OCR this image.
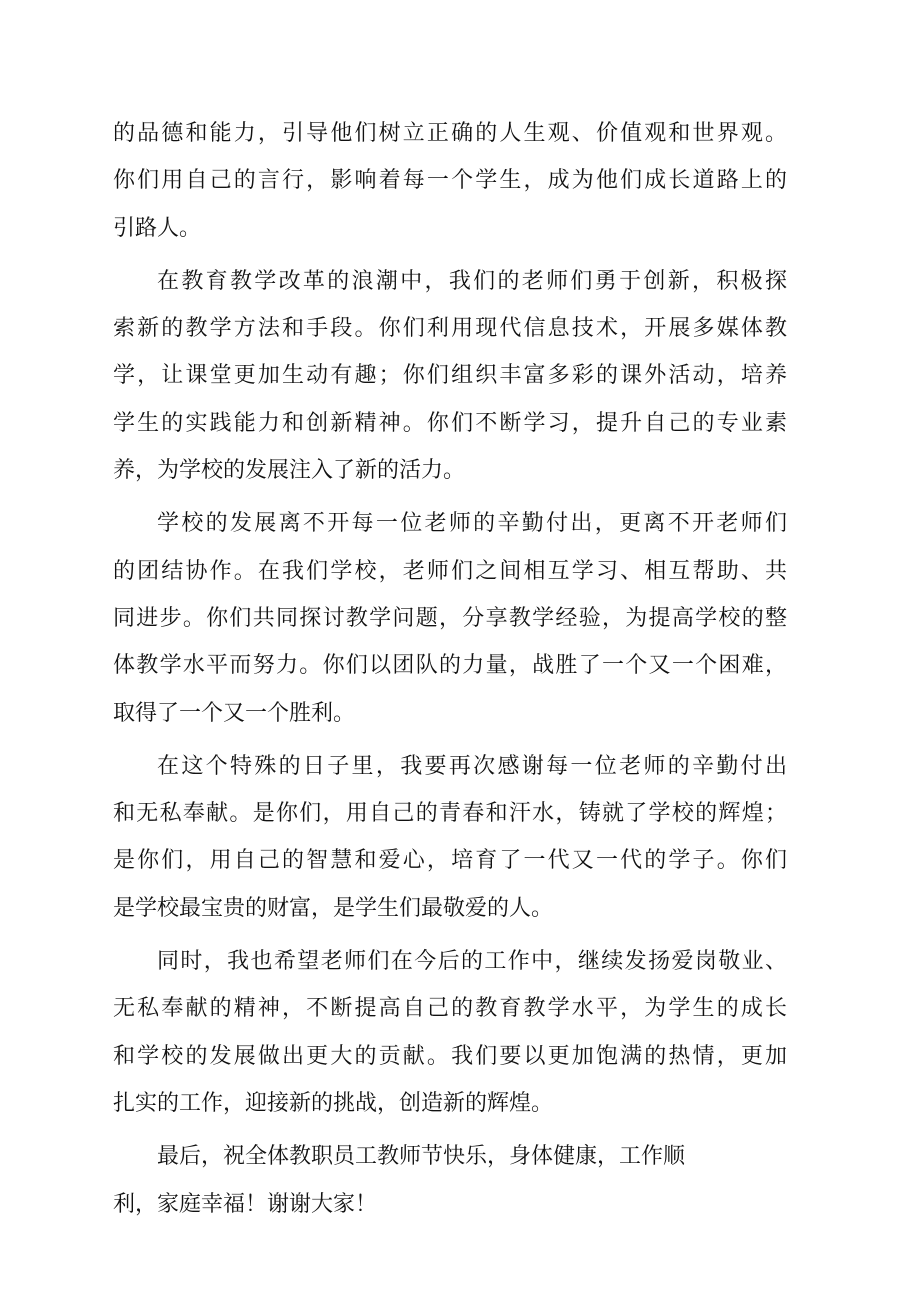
的品德和能力，引导他们树立正确的人生观、价值观和世界观。
你们用自己的言行，影响着每一个学生，成为他们成长道路上的
引路人。
在教育教学改革的浪潮中，我们的老师们勇于创新，积极探
索新的教学方法和手段。你们利用现代信息技术，开展多媒体教
学，让课堂更加生动有趣；你们组织丰富多彩的课外活动，培养
学生的实践能力和创新精神。你们不断学习，提升自己的专业素
养，为学校的发展注入了新的活力。
学校的发展离不开每一位老师的辛勤付出，更离不开老师们
的团结协作。在我们学校，老师们之间相互学习、相互帮助、共
同进步。你们共同探讨教学问题，分享教学经验，为提高学校的整
体教学水平而努力。你们以团队的力量，战胜了一个又一个困难，
取得了一个又一个胜利。
在这个特殊的日子里，我要再次感谢每一位老师的辛勤付出
和无私奉献。是你们，用自己的青春和汗水，铸就了学校的辉煌；
是你们，用自己的智慧和爱心，培育了一代又一代的学子。你们
是学校最宝贵的财富，是学生们最敬爱的人。
同时，我也希望老师们在今后的工作中，继续发扬爱岗敬业、
无私奉献的精神，不断提高自己的教育教学水平，为学生的成长
和学校的发展做出更大的贡献。我们要以更加饱满的热情，更加
扎实的工作，迎接新的挑战，创造新的辉煌。
最后，祝全体教职员工教师节快乐，身体健康，工作顺
利，家庭幸福！谢谢大家！
